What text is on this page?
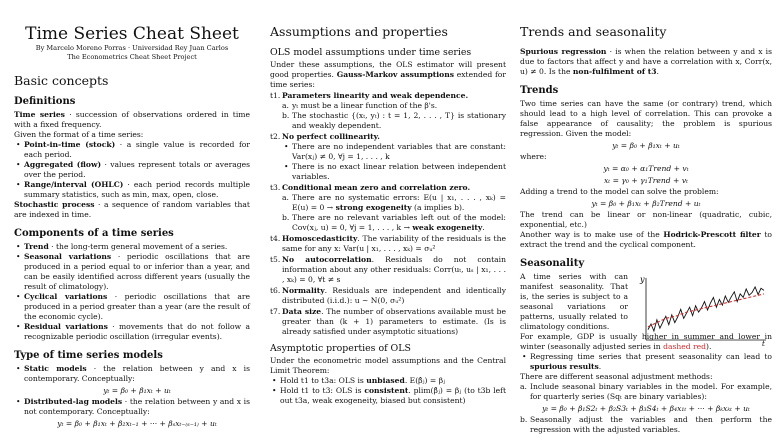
Time Series Cheat Sheet
By Marcelo Moreno Porras · Universidad Rey Juan Carlos
The Econometrics Cheat Sheet Project
Basic concepts
Definitions

Time series · succession of observations ordered in time with a fixed frequency.

Given the format of a time series:

• Point-in-time (stock) · a single value is recorded for each period.
• Aggregated (flow) · values represent totals or averages over the period.
• Range/interval (OHLC) · each period records multiple summary statistics, such as min, max, open, close.

Stochastic process · a sequence of random variables that are indexed in time.

Components of a time series
• Trend · the long-term general movement of a series.
• Seasonal variations · periodic oscillations that are produced in a period equal to or inferior than a year, and can be easily identified across different years (usually the result of climatology).
• Cyclical variations · periodic oscillations that are produced in a period greater than a year (are the result of the economic cycle).
• Residual variations · movements that do not follow a recognizable periodic oscillation (irregular events).
Type of time series models
• Static models · the relation between y and x is contemporary. Conceptually:
yₜ = β₀ + β₁xₜ + uₜ
• Distributed-lag models · the relation between y and x is not contemporary. Conceptually:
yₜ = β₀ + β₁xₜ + β₂xₜ₋₁ + ··· + βₛxₜ₋₍ₛ₋₁₎ + uₜ
Assumptions and properties
OLS model assumptions under time series

Under these assumptions, the OLS estimator will present good properties. Gauss-Markov assumptions extended for time series:

t1. Parameters linearity and weak dependence.
a. yₜ must be a linear function of the β's.
b. The stochastic {(xₜ, yₜ) : t = 1, 2, . . . , T} is stationary and weakly dependent.
t2. No perfect collinearity.
• There are no independent variables that are constant: Var(xⱼ) ≠ 0, ∀j = 1, . . . , k
• There is no exact linear relation between independent variables.
t3. Conditional mean zero and correlation zero.
a. There are no systematic errors: E(u | x₁, . . . , xₖ) = E(u) = 0 → strong exogeneity (a implies b).
b. There are no relevant variables left out of the model: Cov(xⱼ, u) = 0, ∀j = 1, . . . , k → weak exogeneity.
t4. Homoscedasticity. The variability of the residuals is the same for any x: Var(u | x₁, . . . , xₖ) = σᵤ²
t5. No autocorrelation. Residuals do not contain information about any other residuals: Corr(uₜ, uₛ | x₁, . . . , xₖ) = 0, ∀t ≠ s
t6. Normality. Residuals are independent and identically distributed (i.i.d.): u ~ N(0, σᵤ²)
t7. Data size. The number of observations available must be greater than (k + 1) parameters to estimate. (Is is already satisfied under asymptotic situations)
Asymptotic properties of OLS

Under the econometric model assumptions and the Central Limit Theorem:

• Hold t1 to t3a: OLS is unbiased. E(β̂ⱼ) = βⱼ
• Hold t1 to t3: OLS is consistent. plim(β̂ⱼ) = βⱼ (to t3b left out t3a, weak exogeneity, biased but consistent)
Trends and seasonality

Spurious regression · is when the relation between y and x is due to factors that affect y and have a correlation with x, Corr(x, u) ≠ 0. Is the non-fulfilment of t3.

Trends

Two time series can have the same (or contrary) trend, which should lead to a high level of correlation. This can provoke a false appearance of causality; the problem is spurious regression. Given the model:

yₜ = β₀ + β₁xₜ + uₜ

where:

yₜ = α₀ + α₁Trend + vₜ
xₜ = γ₀ + γ₁Trend + vₜ

Adding a trend to the model can solve the problem:

yₜ = β₀ + β₁xₜ + β₂Trend + uₜ

The trend can be linear or non-linear (quadratic, cubic, exponential, etc.)

Another way is to make use of the Hodrick-Prescott filter to extract the trend and the cyclical component.

Seasonality

A time series with can manifest seasonality. That is, the series is subject to a seasonal variations or patterns, usually related to climatology conditions.

y
t

For example, GDP is usually higher in summer and lower in winter (seasonally adjusted series in dashed red).

• Regressing time series that present seasonality can lead to spurious results.

There are different seasonal adjustment methods:

a. Include seasonal binary variables in the model. For example, for quarterly series (Sqₜ are binary variables):
yₜ = β₀ + β₁S2ₜ + β₂S3ₜ + β₃S4ₜ + β₄x₁ₜ + ··· + βₖxₖₜ + uₜ
b. Seasonally adjust the variables and then perform the regression with the adjusted variables.
